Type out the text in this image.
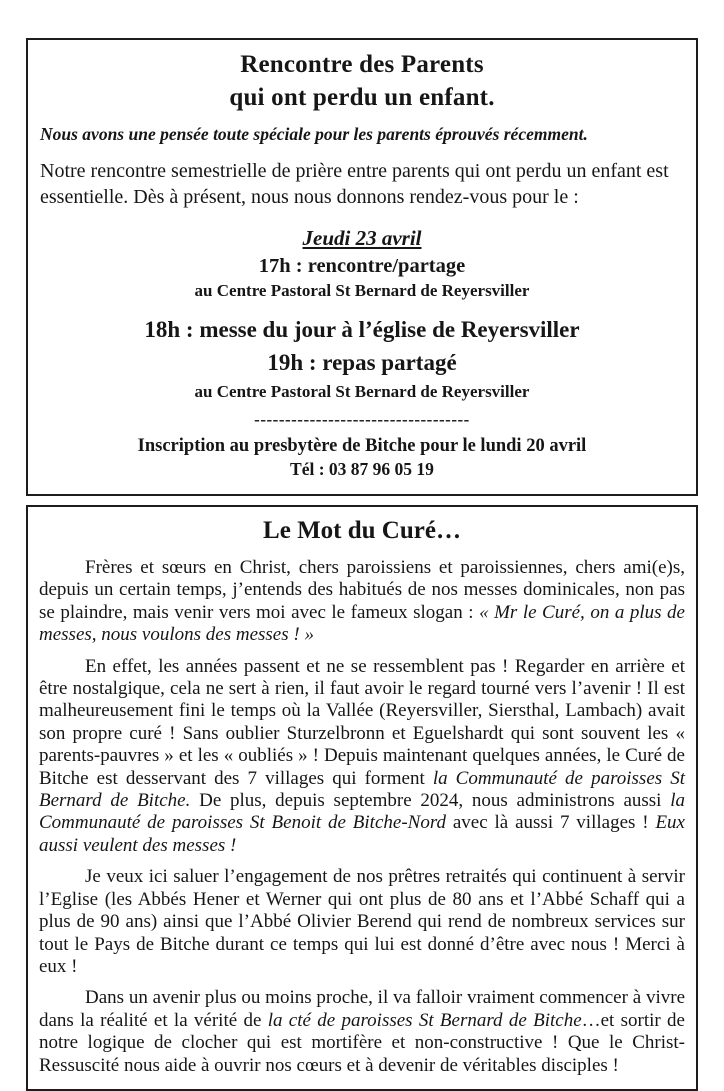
Rencontre des Parents
qui ont perdu un enfant.

Nous avons une pensée toute spéciale pour les parents éprouvés récemment.

Notre rencontre semestrielle de prière entre parents qui ont perdu un enfant est essentielle. Dès à présent, nous nous donnons rendez-vous pour le :

Jeudi 23 avril

17h : rencontre/partage

au Centre Pastoral St Bernard de Reyersviller

18h : messe du jour à l’église de Reyersviller

19h : repas partagé

au Centre Pastoral St Bernard de Reyersviller

-----------------------------------

Inscription au presbytère de Bitche pour le lundi 20 avril

Tél : 03 87 96 05 19

Le Mot du Curé…

Frères et sœurs en Christ, chers paroissiens et paroissiennes, chers ami(e)s, depuis un certain temps, j’entends des habitués de nos messes dominicales, non pas se plaindre, mais venir vers moi avec le fameux slogan : « Mr le Curé, on a plus de messes, nous voulons des messes ! »

En effet, les années passent et ne se ressemblent pas ! Regarder en arrière et être nostalgique, cela ne sert à rien, il faut avoir le regard tourné vers l’avenir ! Il est malheureusement fini le temps où la Vallée (Reyersviller, Siersthal, Lambach) avait son propre curé ! Sans oublier Sturzelbronn et Eguelshardt qui sont souvent les « parents-pauvres » et les « oubliés » ! Depuis maintenant quelques années, le Curé de Bitche est desservant des 7 villages qui forment la Communauté de paroisses St Bernard de Bitche. De plus, depuis septembre 2024, nous administrons aussi la Communauté de paroisses St Benoit de Bitche-Nord avec là aussi 7 villages ! Eux aussi veulent des messes !

Je veux ici saluer l’engagement de nos prêtres retraités qui continuent à servir l’Eglise (les Abbés Hener et Werner qui ont plus de 80 ans et l’Abbé Schaff qui a plus de 90 ans) ainsi que l’Abbé Olivier Berend qui rend de nombreux services sur tout le Pays de Bitche durant ce temps qui lui est donné d’être avec nous ! Merci à eux !

Dans un avenir plus ou moins proche, il va falloir vraiment commencer à vivre dans la réalité et la vérité de la cté de paroisses St Bernard de Bitche…et sortir de notre logique de clocher qui est mortifère et non-constructive ! Que le Christ-Ressuscité nous aide à ouvrir nos cœurs et à devenir de véritables disciples !
